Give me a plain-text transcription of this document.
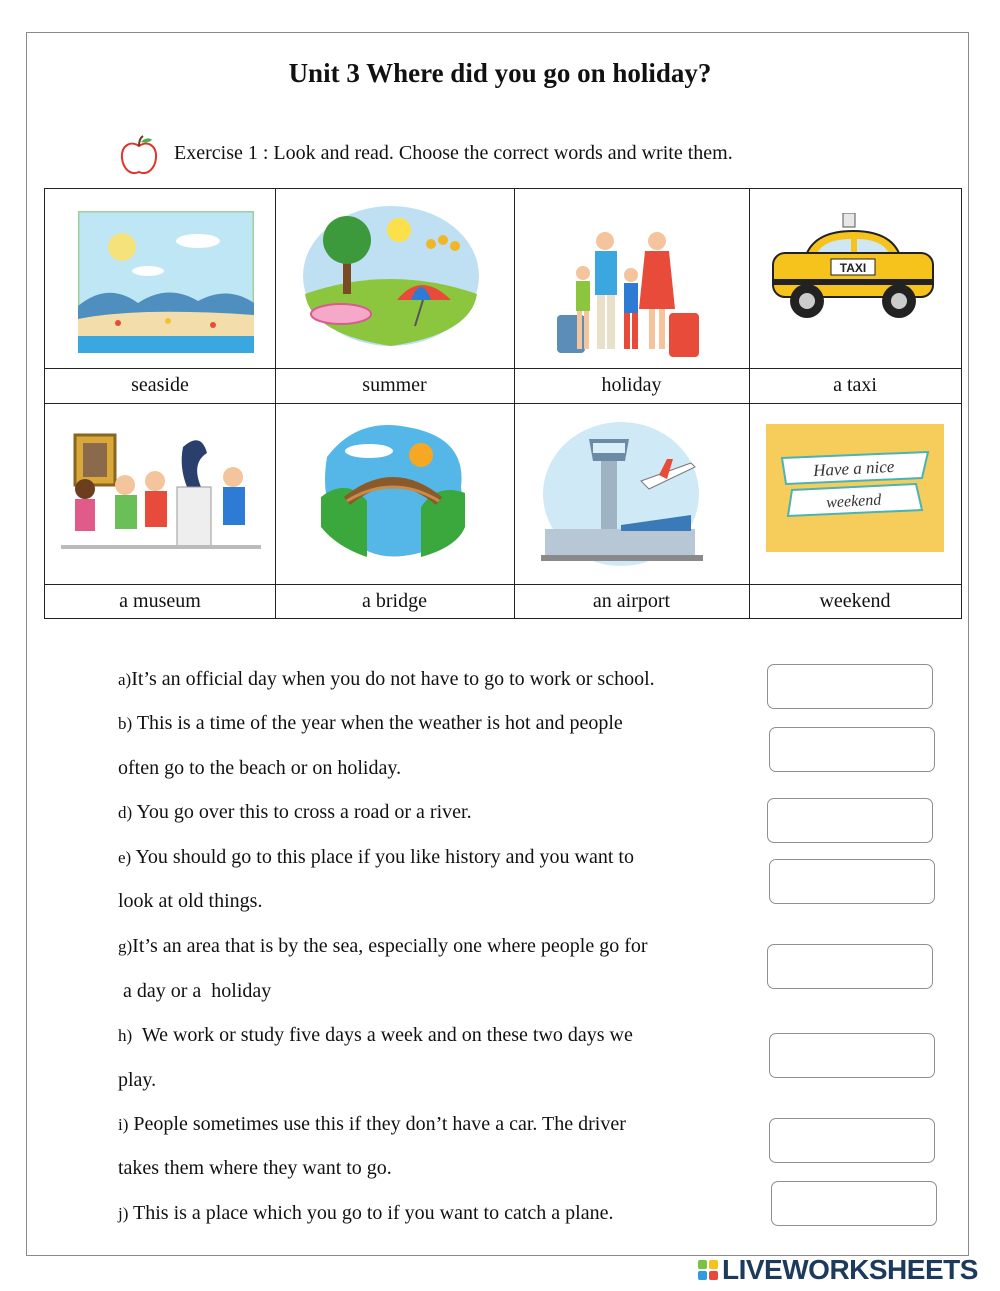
Unit 3 Where did you go on holiday?
Exercise 1 : Look and read. Choose the correct words and write them.
TAXI
seaside	summer	holiday	a taxi
Have a nice
weekend
a museum	a bridge	an airport	weekend
a)It’s an official day when you do not have to go to work or school.
b) This is a time of the year when the weather is hot and people
often go to the beach or on holiday.
d) You go over this to cross a road or a river.
e) You should go to this place if you like history and you want to
look at old things.
g)It’s an area that is by the sea, especially one where people go for
a day or a  holiday
h) We work or study five days a week and on these two days we
play.
i) People sometimes use this if they don’t have a car. The driver
takes them where they want to go.
j) This is a place which you go to if you want to catch a plane.
LIVEWORKSHEETS
